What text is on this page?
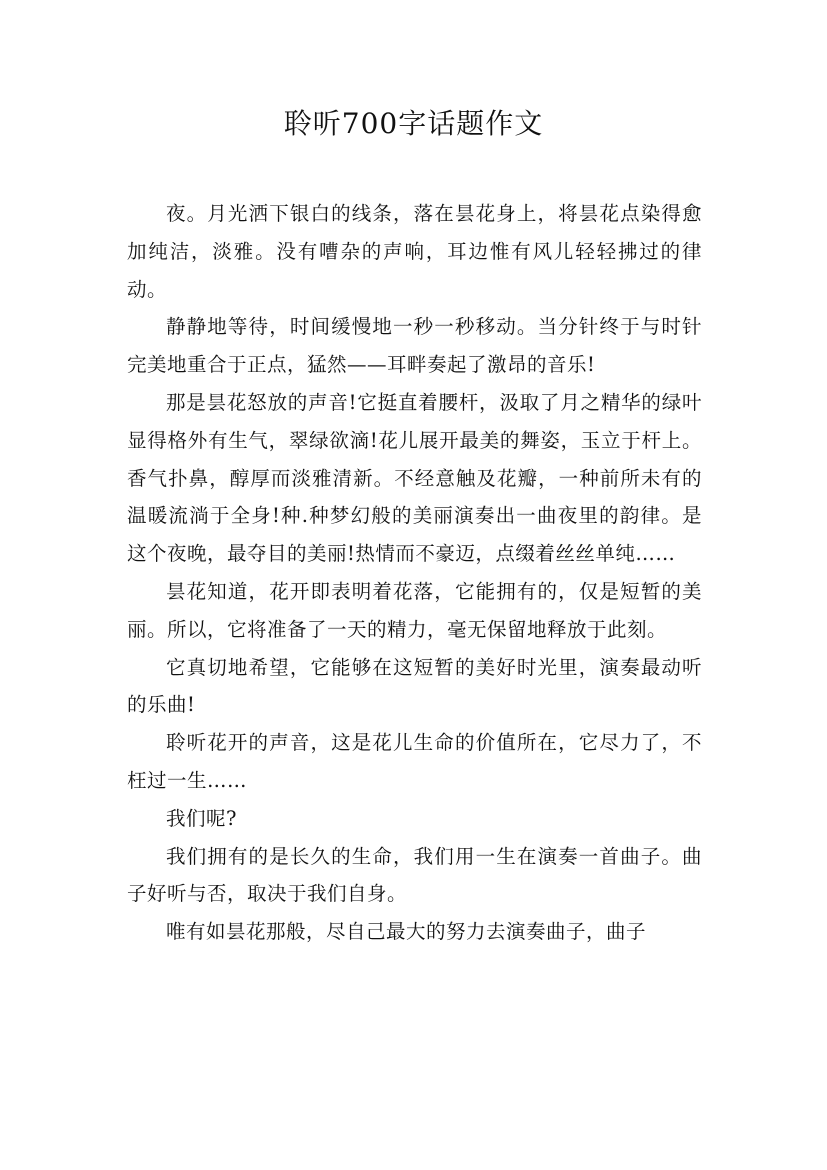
聆听700字话题作文

夜。月光洒下银白的线条，落在昙花身上，将昙花点染得愈加纯洁，淡雅。没有嘈杂的声响，耳边惟有风儿轻轻拂过的律动。

静静地等待，时间缓慢地一秒一秒移动。当分针终于与时针完美地重合于正点，猛然——耳畔奏起了激昂的音乐!

那是昙花怒放的声音!它挺直着腰杆，汲取了月之精华的绿叶显得格外有生气，翠绿欲滴!花儿展开最美的舞姿，玉立于杆上。香气扑鼻，醇厚而淡雅清新。不经意触及花瓣，一种前所未有的温暖流淌于全身!种.种梦幻般的美丽演奏出一曲夜里的韵律。是这个夜晚，最夺目的美丽!热情而不豪迈，点缀着丝丝单纯……

昙花知道，花开即表明着花落，它能拥有的，仅是短暂的美丽。所以，它将准备了一天的精力，毫无保留地释放于此刻。

它真切地希望，它能够在这短暂的美好时光里，演奏最动听的乐曲!

聆听花开的声音，这是花儿生命的价值所在，它尽力了，不枉过一生……

我们呢?

我们拥有的是长久的生命，我们用一生在演奏一首曲子。曲子好听与否，取决于我们自身。

唯有如昙花那般，尽自己最大的努力去演奏曲子，曲子
